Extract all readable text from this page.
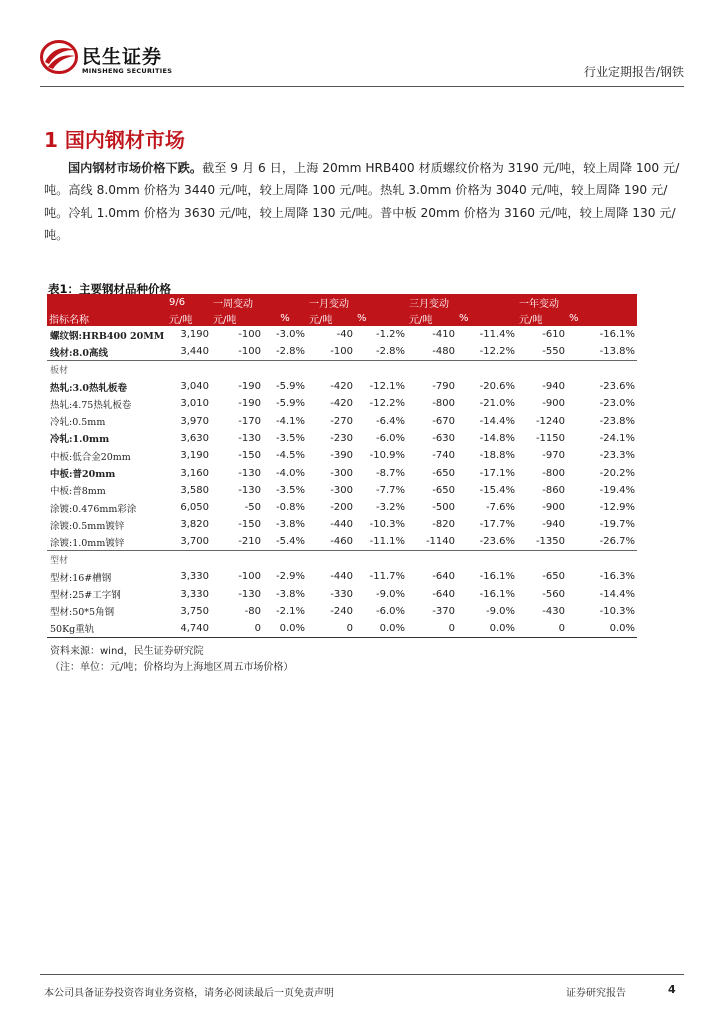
民生证券
MINSHENG SECURITIES	行业定期报告/钢铁
1 国内钢材市场

国内钢材市场价格下跌。截至 9 月 6 日，上海 20mm HRB400 材质螺纹价格为 3190 元/吨，较上周降 100 元/吨。高线 8.0mm 价格为 3440 元/吨，较上周降 100 元/吨。热轧 3.0mm 价格为 3040 元/吨，较上周降 190 元/吨。冷轧 1.0mm 价格为 3630 元/吨，较上周降 130 元/吨。普中板 20mm 价格为 3160 元/吨，较上周降 130 元/吨。

表1：主要钢材品种价格
	9/6	一周变动		一月变动		三月变动		一年变动	
指标名称	元/吨	元/吨	%	元/吨	%	元/吨	%	元/吨	%
螺纹钢:HRB400 20MM	3,190	-100	-3.0%	-40	-1.2%	-410	-11.4%	-610	-16.1%
线材:8.0高线	3,440	-100	-2.8%	-100	-2.8%	-480	-12.2%	-550	-13.8%
板材									
热轧:3.0热轧板卷	3,040	-190	-5.9%	-420	-12.1%	-790	-20.6%	-940	-23.6%
热轧:4.75热轧板卷	3,010	-190	-5.9%	-420	-12.2%	-800	-21.0%	-900	-23.0%
冷轧:0.5mm	3,970	-170	-4.1%	-270	-6.4%	-670	-14.4%	-1240	-23.8%
冷轧:1.0mm	3,630	-130	-3.5%	-230	-6.0%	-630	-14.8%	-1150	-24.1%
中板:低合金20mm	3,190	-150	-4.5%	-390	-10.9%	-740	-18.8%	-970	-23.3%
中板:普20mm	3,160	-130	-4.0%	-300	-8.7%	-650	-17.1%	-800	-20.2%
中板:普8mm	3,580	-130	-3.5%	-300	-7.7%	-650	-15.4%	-860	-19.4%
涂镀:0.476mm彩涂	6,050	-50	-0.8%	-200	-3.2%	-500	-7.6%	-900	-12.9%
涂镀:0.5mm镀锌	3,820	-150	-3.8%	-440	-10.3%	-820	-17.7%	-940	-19.7%
涂镀:1.0mm镀锌	3,700	-210	-5.4%	-460	-11.1%	-1140	-23.6%	-1350	-26.7%
型材									
型材:16#槽钢	3,330	-100	-2.9%	-440	-11.7%	-640	-16.1%	-650	-16.3%
型材:25#工字钢	3,330	-130	-3.8%	-330	-9.0%	-640	-16.1%	-560	-14.4%
型材:50*5角钢	3,750	-80	-2.1%	-240	-6.0%	-370	-9.0%	-430	-10.3%
50Kg重轨	4,740	0	0.0%	0	0.0%	0	0.0%	0	0.0%
资料来源：wind，民生证券研究院
（注：单位：元/吨；价格均为上海地区周五市场价格）
本公司具备证券投资咨询业务资格，请务必阅读最后一页免责声明	证券研究报告	4
